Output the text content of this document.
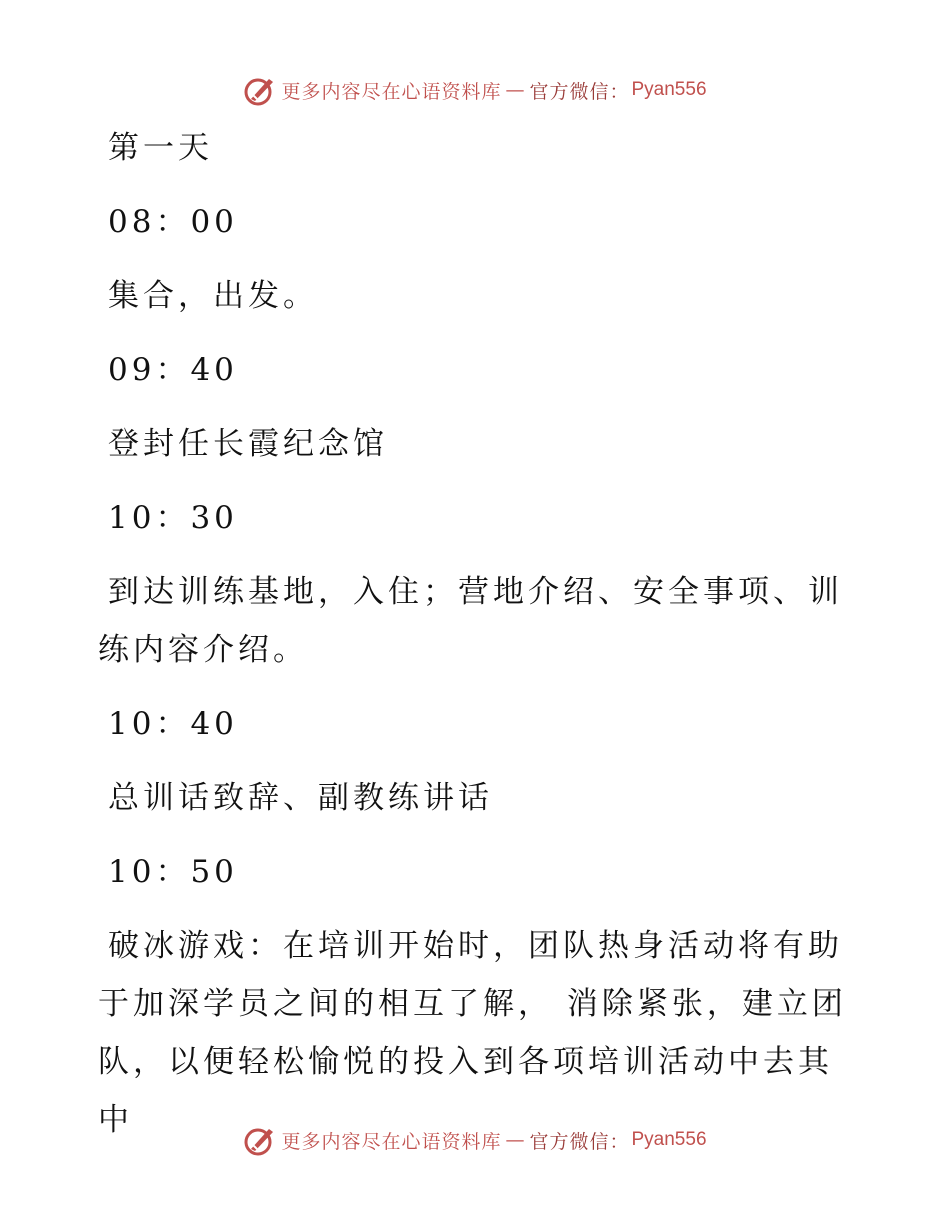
更多内容尽在心语资料库 — 官方微信： Pyan556
第一天
08：00
集合，出发。
09：40
登封任长霞纪念馆
10：30
到达训练基地，入住；营地介绍、安全事项、训练内容介绍。
10：40
总训话致辞、副教练讲话
10：50
破冰游戏：在培训开始时，团队热身活动将有助于加深学员之间的相互了解， 消除紧张，建立团队，以便轻松愉悦的投入到各项培训活动中去其中
更多内容尽在心语资料库 — 官方微信： Pyan556
